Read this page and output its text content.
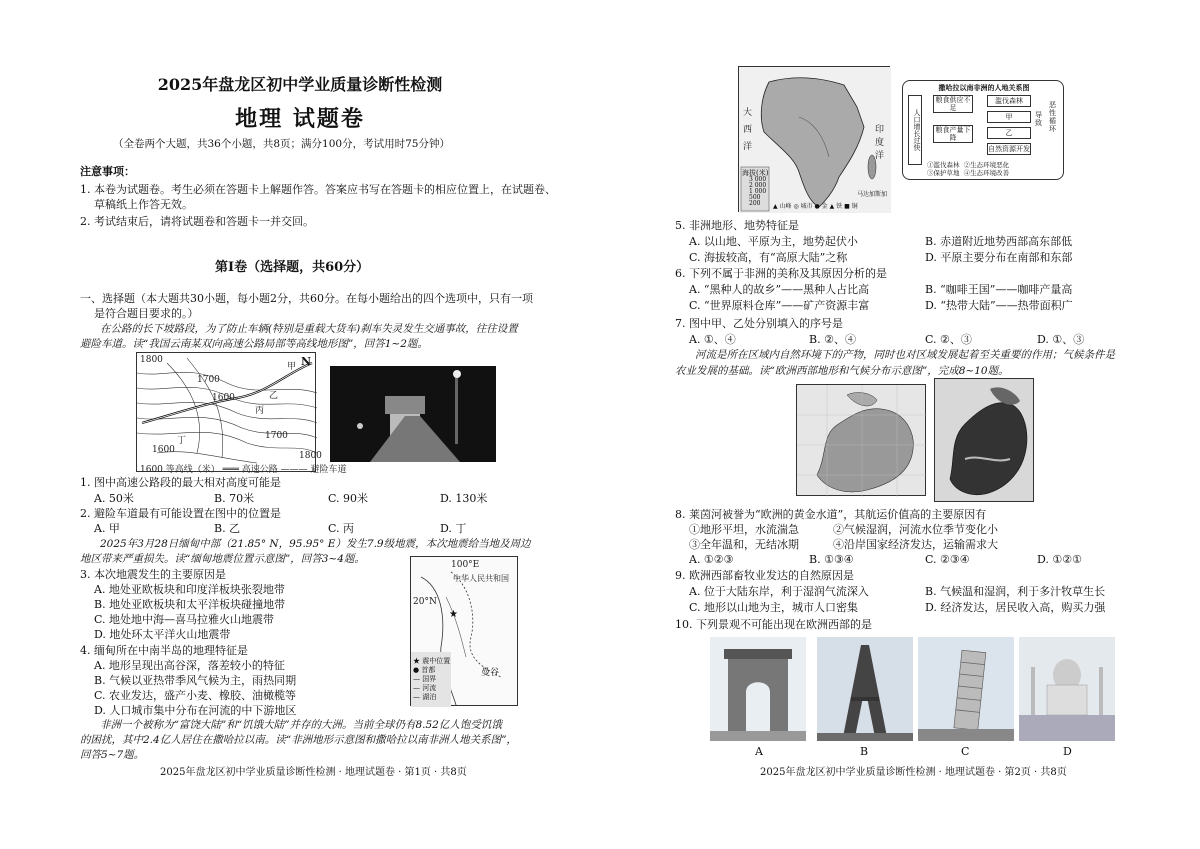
2025年盘龙区初中学业质量诊断性检测
地理 试题卷
（全卷两个大题，共36个小题，共8页；满分100分，考试用时75分钟）
注意事项：
1. 本卷为试题卷。考生必须在答题卡上解题作答。答案应书写在答题卡的相应位置上，在试题卷、
草稿纸上作答无效。
2. 考试结束后，请将试题卷和答题卡一并交回。
第Ⅰ卷（选择题，共60分）
一、选择题（本大题共30小题，每小题2分，共60分。在每小题给出的四个选项中，只有一项
是符合题目要求的。）
在公路的长下坡路段，为了防止车辆(特别是重载大货车)刹车失灵发生交通事故，往往设置
避险车道。读“我国云南某双向高速公路局部等高线地形图”，回答1~2题。
1800
1600
1700
甲
乙
丙
丁	1700
1800
1600
N
1600 等高线（米） ═══ 高速公路 ——— 避险车道
1. 图中高速公路段的最大相对高度可能是
A. 50米	B. 70米	C. 90米	D. 130米
2. 避险车道最有可能设置在图中的位置是
A. 甲	B. 乙	C. 丙	D. 丁
2025年3月28日缅甸中部（21.85° N，95.95° E）发生7.9级地震，本次地震给当地及周边
地区带来严重损失。读“缅甸地震位置示意图”，回答3~4题。
3. 本次地震发生的主要原因是
A. 地处亚欧板块和印度洋板块张裂地带
B. 地处亚欧板块和太平洋板块碰撞地带
C. 地处地中海—喜马拉雅火山地震带
D. 地处环太平洋火山地震带
4. 缅甸所在中南半岛的地理特征是
A. 地形呈现出高谷深，落差较小的特征
B. 气候以亚热带季风气候为主，雨热同期
C. 农业发达，盛产小麦、橡胶、油橄榄等
D. 人口城市集中分布在河流的中下游地区
100°E
中华人民共和国
20°N
★
曼谷
★ 震中位置
● 首都
— 国界
— 河流
— 湖泊
非洲一个被称为“富饶大陆”和“饥饿大陆”并存的大洲。当前全球仍有8.52亿人饱受饥饿
的困扰，其中2.4亿人居住在撒哈拉以南。读“非洲地形示意图和撒哈拉以南非洲人地关系图”，
回答5~7题。
2025年盘龙区初中学业质量诊断性检测 · 地理试题卷 · 第1页 · 共8页
大
西
洋
印
度
洋
海拔(米)
3 000
2 000
1 000
500
200	▲ 山峰 ◎ 城市 ● 金 ▲ 铁 ■ 铜
马达加斯加
撒哈拉以南非洲的人地关系图
人口增长过快
粮食供应不足
滥伐森林
甲
粮食产量下降
乙
自然资源开发
导致
恶性循环
①滥伐森林 ②生态环境恶化
③保护草地 ④生态环境改善
5. 非洲地形、地势特征是
A. 以山地、平原为主，地势起伏小	B. 赤道附近地势西部高东部低
C. 海拔较高，有“高原大陆”之称	D. 平原主要分布在南部和东部
6. 下列不属于非洲的美称及其原因分析的是
A. “黑种人的故乡”——黑种人占比高	B. “咖啡王国”——咖啡产量高
C. “世界原料仓库”——矿产资源丰富	D. “热带大陆”——热带面积广
7. 图中甲、乙处分别填入的序号是
A. ①、④	B. ②、④	C. ②、③	D. ①、③
河流是所在区域内自然环境下的产物，同时也对区域发展起着至关重要的作用；气候条件是
农业发展的基础。读“欧洲西部地形和气候分布示意图”，完成8~10题。
8. 莱茵河被誉为“欧洲的黄金水道”，其航运价值高的主要原因有
①地形平坦，水流湍急	②气候湿润，河流水位季节变化小
③全年温和，无结冰期	④沿岸国家经济发达，运输需求大
A. ①②③	B. ①③④	C. ②③④	D. ①②①
9. 欧洲西部畜牧业发达的自然原因是
A. 位于大陆东岸，利于湿润气流深入	B. 气候温和湿润，利于多汁牧草生长
C. 地形以山地为主，城市人口密集	D. 经济发达，居民收入高，购买力强
10. 下列景观不可能出现在欧洲西部的是
A	B	C	D
2025年盘龙区初中学业质量诊断性检测 · 地理试题卷 · 第2页 · 共8页
